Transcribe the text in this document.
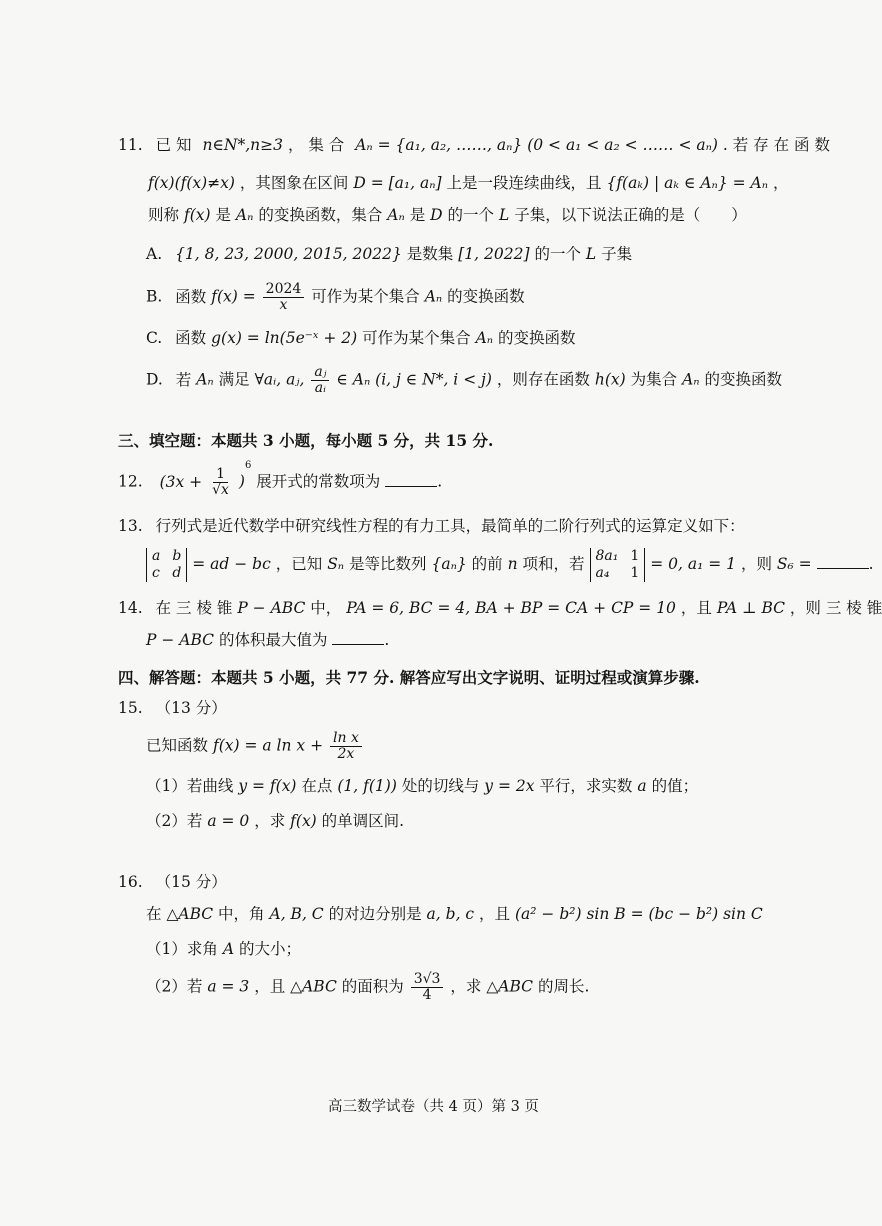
11. 已 知 n∈N*,n≥3 ， 集 合 Aₙ = {a₁, a₂, ……, aₙ} (0 < a₁ < a₂ < …… < aₙ) . 若 存 在 函 数
f(x)(f(x)≠x) ，其图象在区间 D = [a₁, aₙ] 上是一段连续曲线，且 {f(aₖ) | aₖ ∈ Aₙ} = Aₙ ，
则称 f(x) 是 Aₙ 的变换函数，集合 Aₙ 是 D 的一个 L 子集，以下说法正确的是（　　）
A. {1, 8, 23, 2000, 2015, 2022} 是数集 [1, 2022] 的一个 L 子集
B. 函数 $f(x) = \frac{2024}{x}$ 可作为某个集合 Aₙ 的变换函数
C. 函数 g(x) = ln(5e⁻ˣ + 2) 可作为某个集合 Aₙ 的变换函数
D. 若 Aₙ 满足 ∀aᵢ, aⱼ, $\frac{\text{aⱼ}}{\text{aᵢ}}$ ∈ Aₙ (i, j ∈ N*, i < j) ，则存在函数 h(x) 为集合 Aₙ 的变换函数
三、填空题：本题共 3 小题，每小题 5 分，共 15 分.
12. $(3x + \frac{1}{√x} )^6$ 展开式的常数项为	.
13. 行列式是近代数学中研究线性方程的有力工具，最简单的二阶行列式的运算定义如下：
a b
c d = ad − bc ，已知 Sₙ 是等比数列 {aₙ} 的前 n 项和，若 8a₁ 1
a₄ 1 = 0, a₁ = 1 ，则 S₆ =	.
14. 在 三 棱 锥 P − ABC 中， PA = 6, BC = 4, BA + BP = CA + CP = 10 ，且 PA ⊥ BC ，则 三 棱 锥
P − ABC 的体积最大值为	.
四、解答题：本题共 5 小题，共 77 分. 解答应写出文字说明、证明过程或演算步骤.
15. （13 分）
已知函数 f(x) = a $\ln x + \frac{\text{ln x}}{2x}$
（1）若曲线 y = f(x) 在点 (1, f(1)) 处的切线与 y = 2x 平行，求实数 a 的值；
（2）若 a = 0 ，求 f(x) 的单调区间.
16. （15 分）
在 △ABC 中，角 A, B, C 的对边分别是 a, b, c ，且 (a² − b²) sin B = (bc − b²) sin C
（1）求角 A 的大小；
（2）若 a = 3 ，且 △ABC 的面积为 $\frac{3√3}{4}$ ，求 △ABC 的周长.
高三数学试卷（共 4 页）第 3 页
